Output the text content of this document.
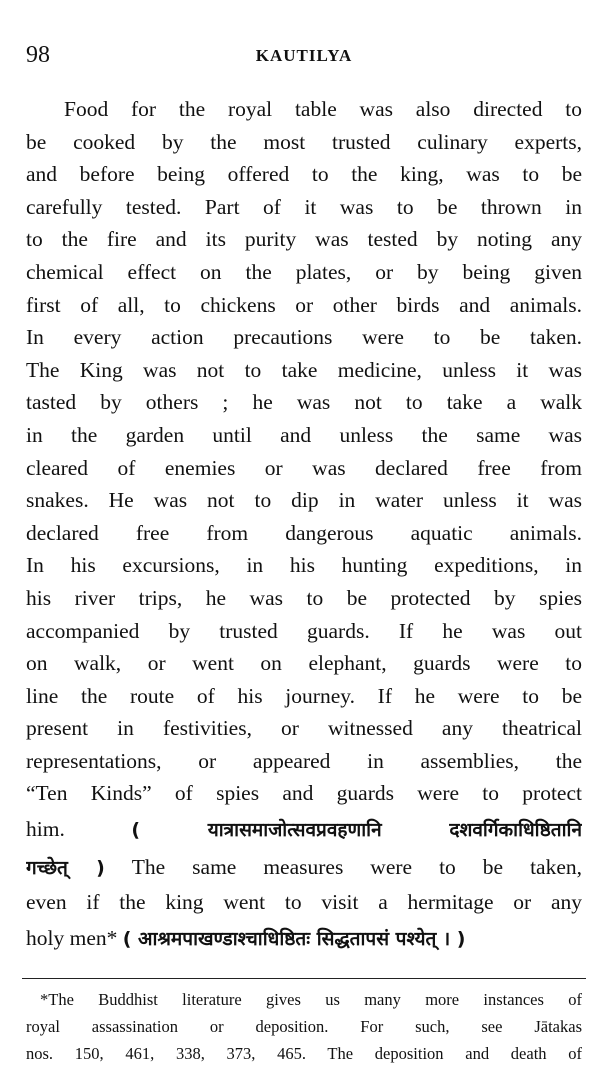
98	KAUTILYA
Food for the royal table was also directed to
be cooked by the most trusted culinary experts,
and before being offered to the king, was to be
carefully tested. Part of it was to be thrown in
to the fire and its purity was tested by noting any
chemical effect on the plates, or by being given
first of all, to chickens or other birds and animals.
In every action precautions were to be taken.
The King was not to take medicine, unless it was
tasted by others ; he was not to take a walk
in the garden until and unless the same was
cleared of enemies or was declared free from
snakes. He was not to dip in water unless it was
declared free from dangerous aquatic animals.
In his excursions, in his hunting expeditions, in
his river trips, he was to be protected by spies
accompanied by trusted guards. If he was out
on walk, or went on elephant, guards were to
line the route of his journey. If he were to be
present in festivities, or witnessed any theatrical
representations, or appeared in assemblies, the
“Ten Kinds” of spies and guards were to protect
him.	( यात्रासमाजोत्सवप्रवहणानि दशवर्गिकाधिष्ठितानि
गच्छेत् ) The same measures were to be taken,
even if the king went to visit a hermitage or any
holy men* ( आश्रमपाखण्डाश्चाधिष्ठितः सिद्धतापसं पश्येत् । )
*The Buddhist literature gives us many more instances of
royal assassination or deposition. For such, see Jātakas
nos. 150, 461, 338, 373, 465. The deposition and death of
